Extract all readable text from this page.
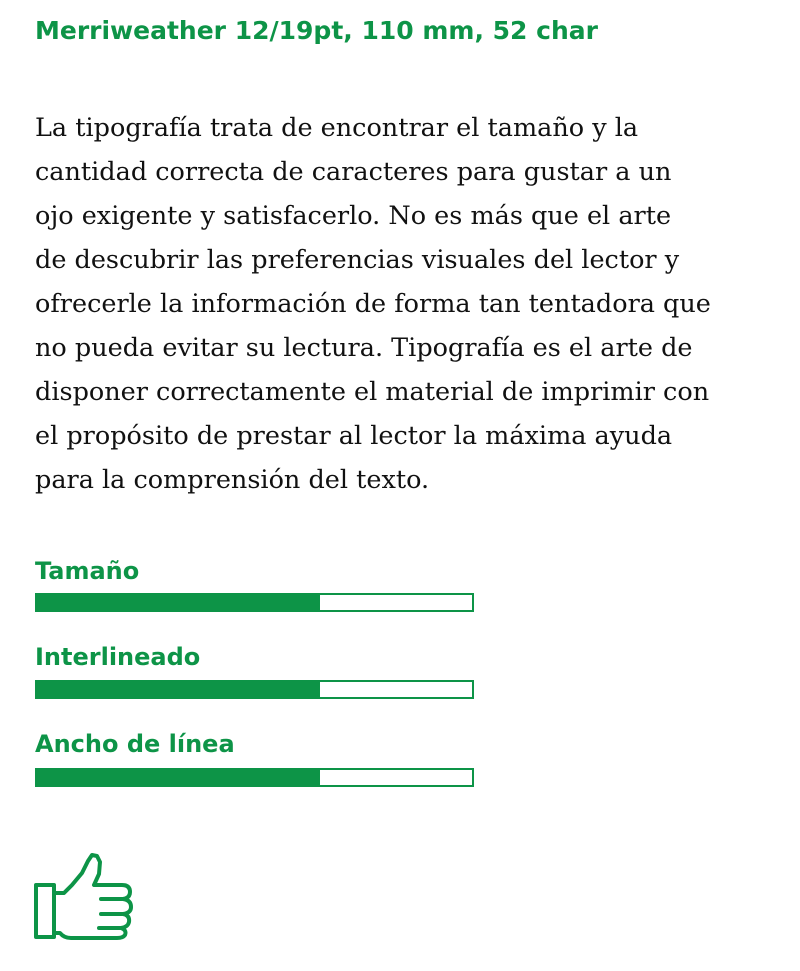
Merriweather 12/19pt, 110 mm, 52 char

La tipografía trata de encontrar el tamaño y la
cantidad correcta de caracteres para gustar a un
ojo exigente y satisfacerlo. No es más que el arte
de descubrir las preferencias visuales del lector y
ofrecerle la información de forma tan tentadora que
no pueda evitar su lectura. Tipografía es el arte de
disponer correctamente el material de imprimir con
el propósito de prestar al lector la máxima ayuda
para la comprensión del texto.

Tamaño
Interlineado
Ancho de línea
